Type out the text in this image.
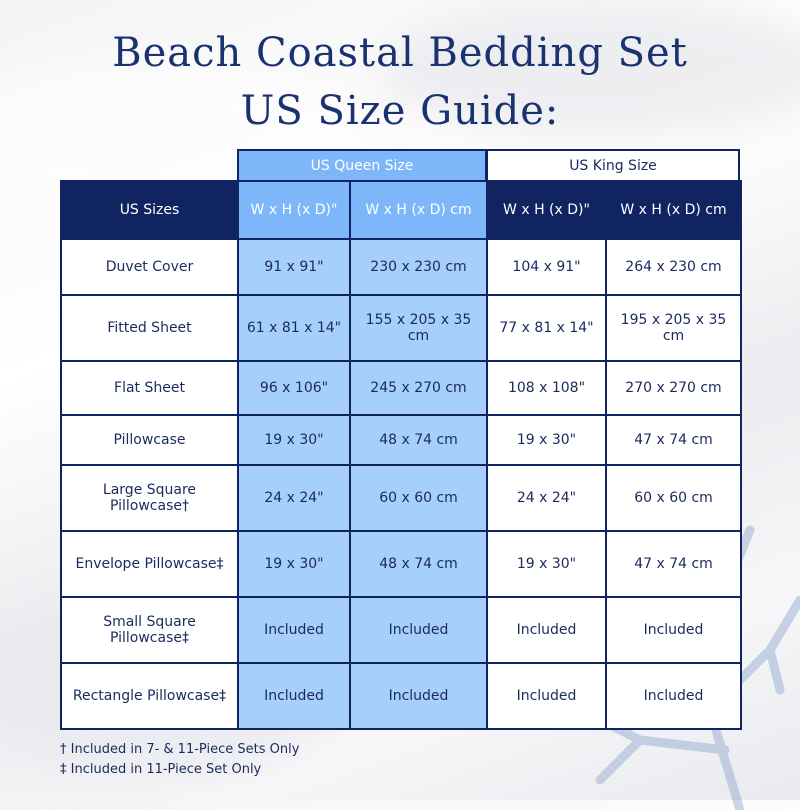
Beach Coastal Bedding Set
US Size Guide:
US Queen Size	US King Size
US Sizes	W x H (x D)"	W x H (x D) cm	W x H (x D)"	W x H (x D) cm
Duvet Cover	91 x 91"	230 x 230 cm	104 x 91"	264 x 230 cm
Fitted Sheet	61 x 81 x 14"	155 x 205 x 35 cm	77 x 81 x 14"	195 x 205 x 35 cm
Flat Sheet	96 x 106"	245 x 270 cm	108 x 108"	270 x 270 cm
Pillowcase	19 x 30"	48 x 74 cm	19 x 30"	47 x 74 cm
Large Square Pillowcase†	24 x 24"	60 x 60 cm	24 x 24"	60 x 60 cm
Envelope Pillowcase‡	19 x 30"	48 x 74 cm	19 x 30"	47 x 74 cm
Small Square Pillowcase‡	Included	Included	Included	Included
Rectangle Pillowcase‡	Included	Included	Included	Included
† Included in 7- & 11-Piece Sets Only
‡ Included in 11-Piece Set Only
